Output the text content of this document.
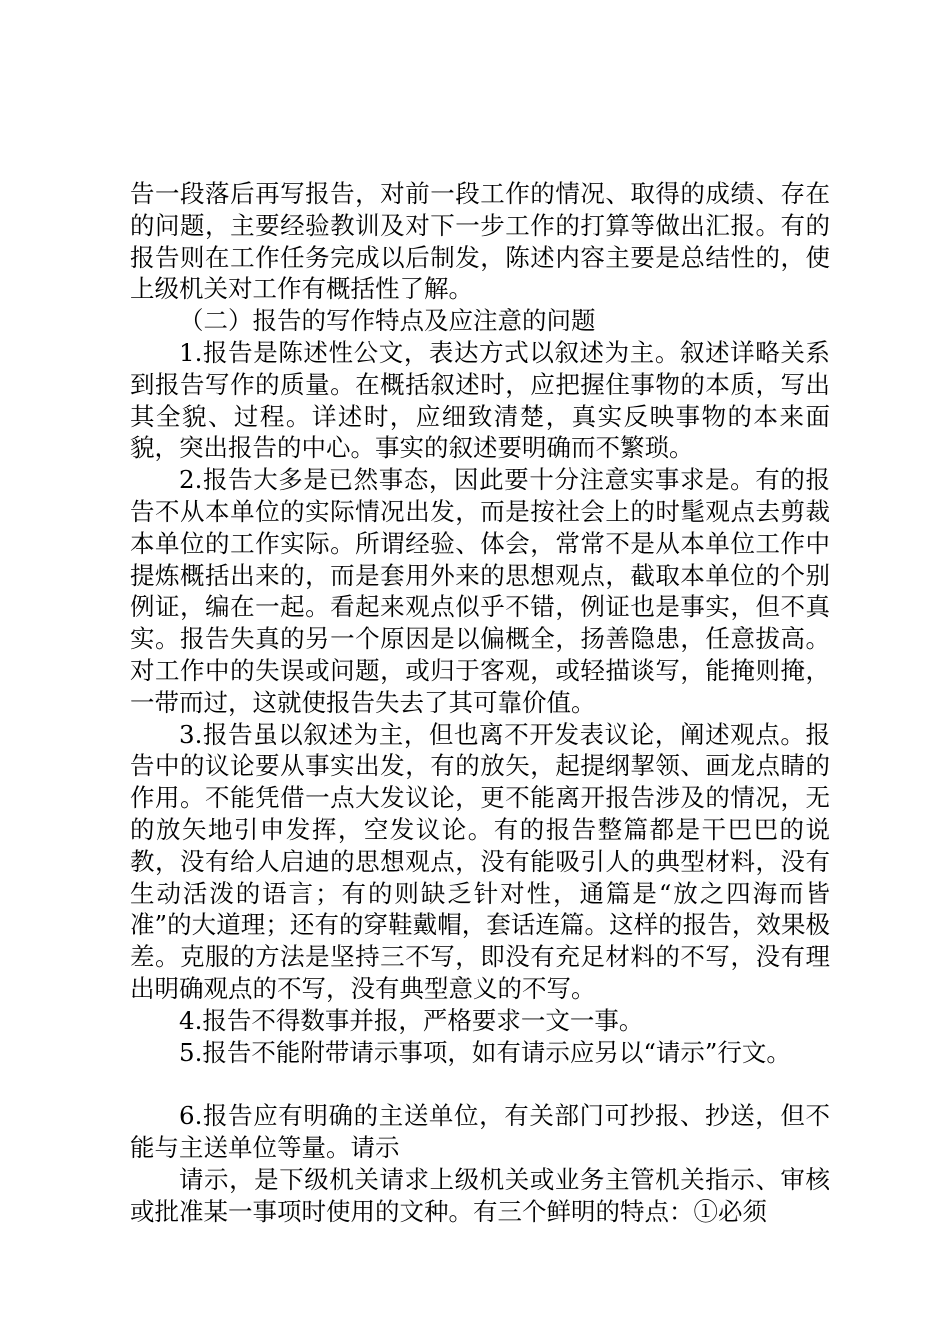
告一段落后再写报告，对前一段工作的情况、取得的成绩、存在的问题，主要经验教训及对下一步工作的打算等做出汇报。有的报告则在工作任务完成以后制发，陈述内容主要是总结性的，使上级机关对工作有概括性了解。

（二）报告的写作特点及应注意的问题

1.报告是陈述性公文，表达方式以叙述为主。叙述详略关系到报告写作的质量。在概括叙述时，应把握住事物的本质，写出其全貌、过程。详述时，应细致清楚，真实反映事物的本来面貌，突出报告的中心。事实的叙述要明确而不繁琐。

2.报告大多是已然事态，因此要十分注意实事求是。有的报告不从本单位的实际情况出发，而是按社会上的时髦观点去剪裁本单位的工作实际。所谓经验、体会，常常不是从本单位工作中提炼概括出来的，而是套用外来的思想观点，截取本单位的个别例证，编在一起。看起来观点似乎不错，例证也是事实，但不真实。报告失真的另一个原因是以偏概全，扬善隐患，任意拔高。对工作中的失误或问题，或归于客观，或轻描谈写，能掩则掩，一带而过，这就使报告失去了其可靠价值。

3.报告虽以叙述为主，但也离不开发表议论，阐述观点。报告中的议论要从事实出发，有的放矢，起提纲挈领、画龙点睛的作用。不能凭借一点大发议论，更不能离开报告涉及的情况，无的放矢地引申发挥，空发议论。有的报告整篇都是干巴巴的说教，没有给人启迪的思想观点，没有能吸引人的典型材料，没有生动活泼的语言；有的则缺乏针对性，通篇是“放之四海而皆准”的大道理；还有的穿鞋戴帽，套话连篇。这样的报告，效果极差。克服的方法是坚持三不写，即没有充足材料的不写，没有理出明确观点的不写，没有典型意义的不写。

4.报告不得数事并报，严格要求一文一事。

5.报告不能附带请示事项，如有请示应另以“请示”行文。

6.报告应有明确的主送单位，有关部门可抄报、抄送，但不能与主送单位等量。请示

请示，是下级机关请求上级机关或业务主管机关指示、审核或批准某一事项时使用的文种。有三个鲜明的特点：①必须
